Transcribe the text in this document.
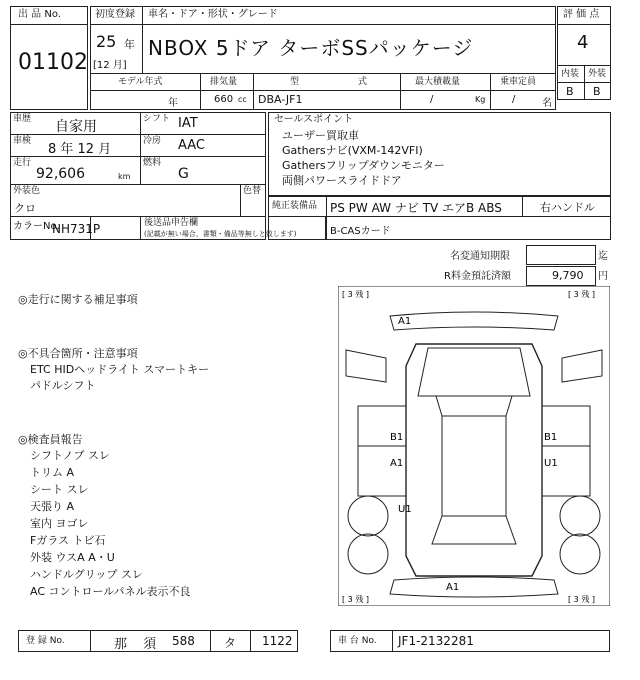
出 品 No.
01102
初度登録 車名・ドア・形状・グレード
25 年
[12 月]
NBOX 5ドア ターボSSパッケージ
モデル年式	排気量	型 式 最大積載量	乗車定員
年	660 cc DBA-JF1	/	Kg	/	名
評 価 点
4
内装 外装
B B
車歴 自家用
車検
8 年 12 月
走行
92,606	km
シフト IAT
冷房 AAC
燃料
G
外装色
クロ
色替
カラーNo.
NH731P	後送品申告欄
(記載が無い場合、書類・備品等無しと致します)
セールスポイント
ユーザー買取車
Gathersナビ(VXM-142VFI)
Gathersフリップダウンモニター
両側パワースライドドア
純正装備品 PS PW AW ナビ TV エアB ABS	右ハンドル
B-CASカード
名変通知期限	迄
R料金預託済額	9,790 円
◎走行に関する補足事項
◎不具合箇所・注意事項
ETC HIDヘッドライト スマートキー
パドルシフト
◎検査員報告
シフトノブ スレ
トリム A
シート スレ
天張り A
室内 ヨゴレ
Fガラス トビ石
外装 ウスA A・U
ハンドルグリップ スレ
AC コントロールパネル表示不良
[ 3 残 ]	[ 3 残 ]
[ 3 残 ]	[ 3 残 ]
A1
B1	B1
A1	U1
U1
A1
登 録 No.	那 須 588 タ 1122	車 台 No. JF1-2132281
